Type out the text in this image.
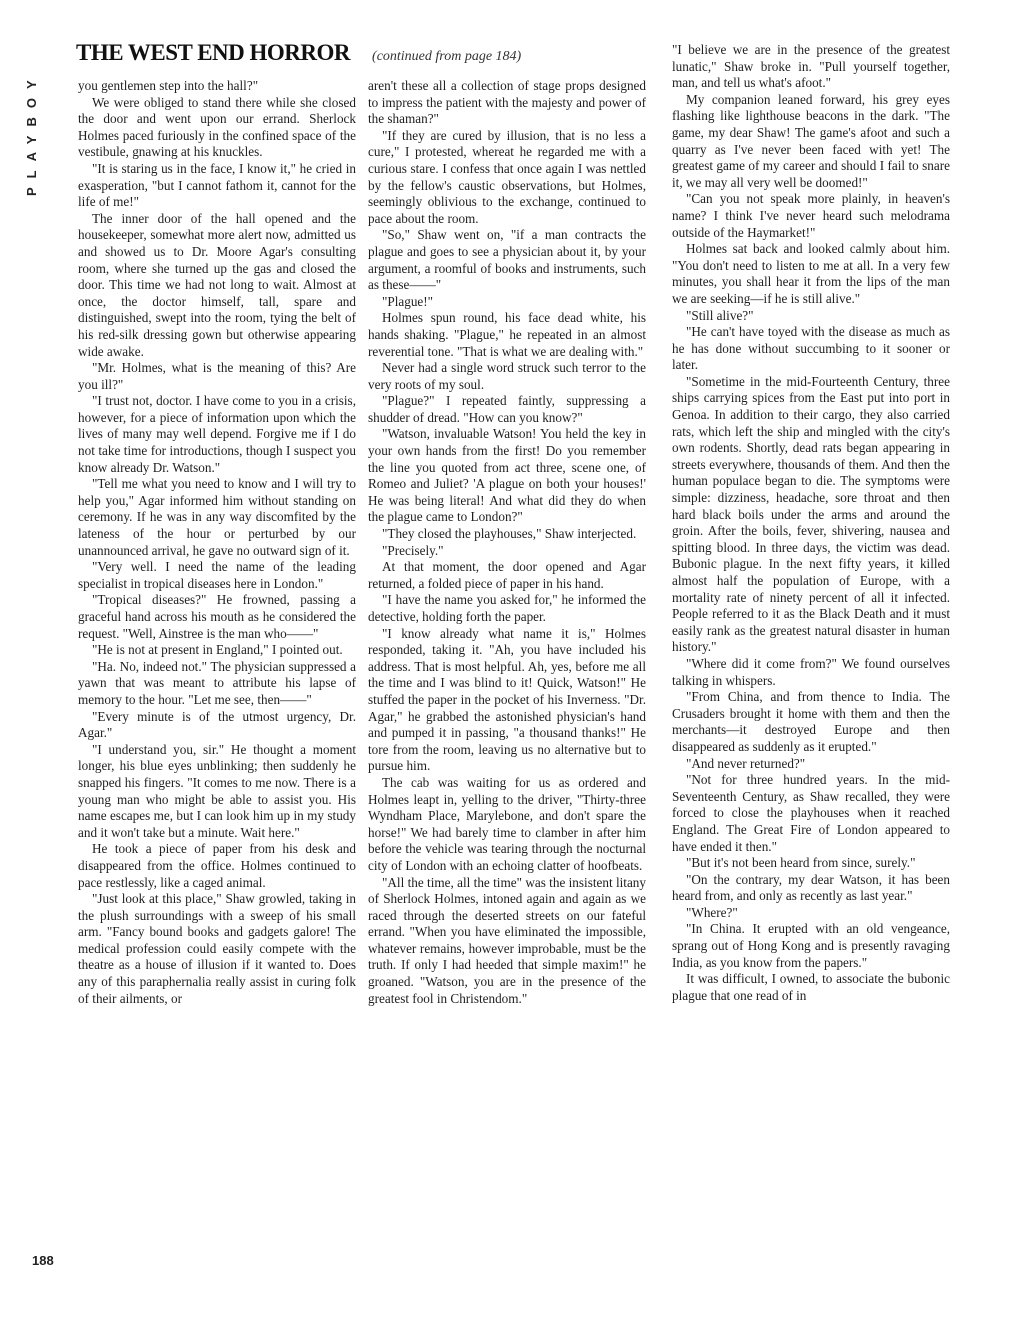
PLAYBOY
THE WEST END HORROR (continued from page 184)

you gentlemen step into the hall?"

We were obliged to stand there while she closed the door and went upon our errand. Sherlock Holmes paced furiously in the confined space of the vestibule, gnawing at his knuckles.

"It is staring us in the face, I know it," he cried in exasperation, "but I cannot fathom it, cannot for the life of me!"

The inner door of the hall opened and the housekeeper, somewhat more alert now, admitted us and showed us to Dr. Moore Agar's consulting room, where she turned up the gas and closed the door. This time we had not long to wait. Almost at once, the doctor himself, tall, spare and distinguished, swept into the room, tying the belt of his red-silk dressing gown but otherwise appearing wide awake.

"Mr. Holmes, what is the meaning of this? Are you ill?"

"I trust not, doctor. I have come to you in a crisis, however, for a piece of information upon which the lives of many may well depend. Forgive me if I do not take time for introductions, though I suspect you know already Dr. Watson."

"Tell me what you need to know and I will try to help you," Agar informed him without standing on ceremony. If he was in any way discomfited by the lateness of the hour or perturbed by our unannounced arrival, he gave no outward sign of it.

"Very well. I need the name of the leading specialist in tropical diseases here in London."

"Tropical diseases?" He frowned, passing a graceful hand across his mouth as he considered the request. "Well, Ainstree is the man who——"

"He is not at present in England," I pointed out.

"Ha. No, indeed not." The physician suppressed a yawn that was meant to attribute his lapse of memory to the hour. "Let me see, then——"

"Every minute is of the utmost urgency, Dr. Agar."

"I understand you, sir." He thought a moment longer, his blue eyes unblinking; then suddenly he snapped his fingers. "It comes to me now. There is a young man who might be able to assist you. His name escapes me, but I can look him up in my study and it won't take but a minute. Wait here."

He took a piece of paper from his desk and disappeared from the office. Holmes continued to pace restlessly, like a caged animal.

"Just look at this place," Shaw growled, taking in the plush surroundings with a sweep of his small arm. "Fancy bound books and gadgets galore! The medical profession could easily compete with the theatre as a house of illusion if it wanted to. Does any of this paraphernalia really assist in curing folk of their ailments, or

aren't these all a collection of stage props designed to impress the patient with the majesty and power of the shaman?"

"If they are cured by illusion, that is no less a cure," I protested, whereat he regarded me with a curious stare. I confess that once again I was nettled by the fellow's caustic observations, but Holmes, seemingly oblivious to the exchange, continued to pace about the room.

"So," Shaw went on, "if a man contracts the plague and goes to see a physician about it, by your argument, a roomful of books and instruments, such as these——"

"Plague!"

Holmes spun round, his face dead white, his hands shaking. "Plague," he repeated in an almost reverential tone. "That is what we are dealing with."

Never had a single word struck such terror to the very roots of my soul.

"Plague?" I repeated faintly, suppressing a shudder of dread. "How can you know?"

"Watson, invaluable Watson! You held the key in your own hands from the first! Do you remember the line you quoted from act three, scene one, of Romeo and Juliet? 'A plague on both your houses!' He was being literal! And what did they do when the plague came to London?"

"They closed the playhouses," Shaw interjected.

"Precisely."

At that moment, the door opened and Agar returned, a folded piece of paper in his hand.

"I have the name you asked for," he informed the detective, holding forth the paper.

"I know already what name it is," Holmes responded, taking it. "Ah, you have included his address. That is most helpful. Ah, yes, before me all the time and I was blind to it! Quick, Watson!" He stuffed the paper in the pocket of his Inverness. "Dr. Agar," he grabbed the astonished physician's hand and pumped it in passing, "a thousand thanks!" He tore from the room, leaving us no alternative but to pursue him.

The cab was waiting for us as ordered and Holmes leapt in, yelling to the driver, "Thirty-three Wyndham Place, Marylebone, and don't spare the horse!" We had barely time to clamber in after him before the vehicle was tearing through the nocturnal city of London with an echoing clatter of hoofbeats.

"All the time, all the time" was the insistent litany of Sherlock Holmes, intoned again and again as we raced through the deserted streets on our fateful errand. "When you have eliminated the impossible, whatever remains, however improbable, must be the truth. If only I had heeded that simple maxim!" he groaned. "Watson, you are in the presence of the greatest fool in Christendom."

"I believe we are in the presence of the greatest lunatic," Shaw broke in. "Pull yourself together, man, and tell us what's afoot."

My companion leaned forward, his grey eyes flashing like lighthouse beacons in the dark. "The game, my dear Shaw! The game's afoot and such a quarry as I've never been faced with yet! The greatest game of my career and should I fail to snare it, we may all very well be doomed!"

"Can you not speak more plainly, in heaven's name? I think I've never heard such melodrama outside of the Haymarket!"

Holmes sat back and looked calmly about him. "You don't need to listen to me at all. In a very few minutes, you shall hear it from the lips of the man we are seeking—if he is still alive."

"Still alive?"

"He can't have toyed with the disease as much as he has done without succumbing to it sooner or later.

"Sometime in the mid-Fourteenth Century, three ships carrying spices from the East put into port in Genoa. In addition to their cargo, they also carried rats, which left the ship and mingled with the city's own rodents. Shortly, dead rats began appearing in streets everywhere, thousands of them. And then the human populace began to die. The symptoms were simple: dizziness, headache, sore throat and then hard black boils under the arms and around the groin. After the boils, fever, shivering, nausea and spitting blood. In three days, the victim was dead. Bubonic plague. In the next fifty years, it killed almost half the population of Europe, with a mortality rate of ninety percent of all it infected. People referred to it as the Black Death and it must easily rank as the greatest natural disaster in human history."

"Where did it come from?" We found ourselves talking in whispers.

"From China, and from thence to India. The Crusaders brought it home with them and then the merchants—it destroyed Europe and then disappeared as suddenly as it erupted."

"And never returned?"

"Not for three hundred years. In the mid-Seventeenth Century, as Shaw recalled, they were forced to close the playhouses when it reached England. The Great Fire of London appeared to have ended it then."

"But it's not been heard from since, surely."

"On the contrary, my dear Watson, it has been heard from, and only as recently as last year."

"Where?"

"In China. It erupted with an old vengeance, sprang out of Hong Kong and is presently ravaging India, as you know from the papers."

It was difficult, I owned, to associate the bubonic plague that one read of in

188
